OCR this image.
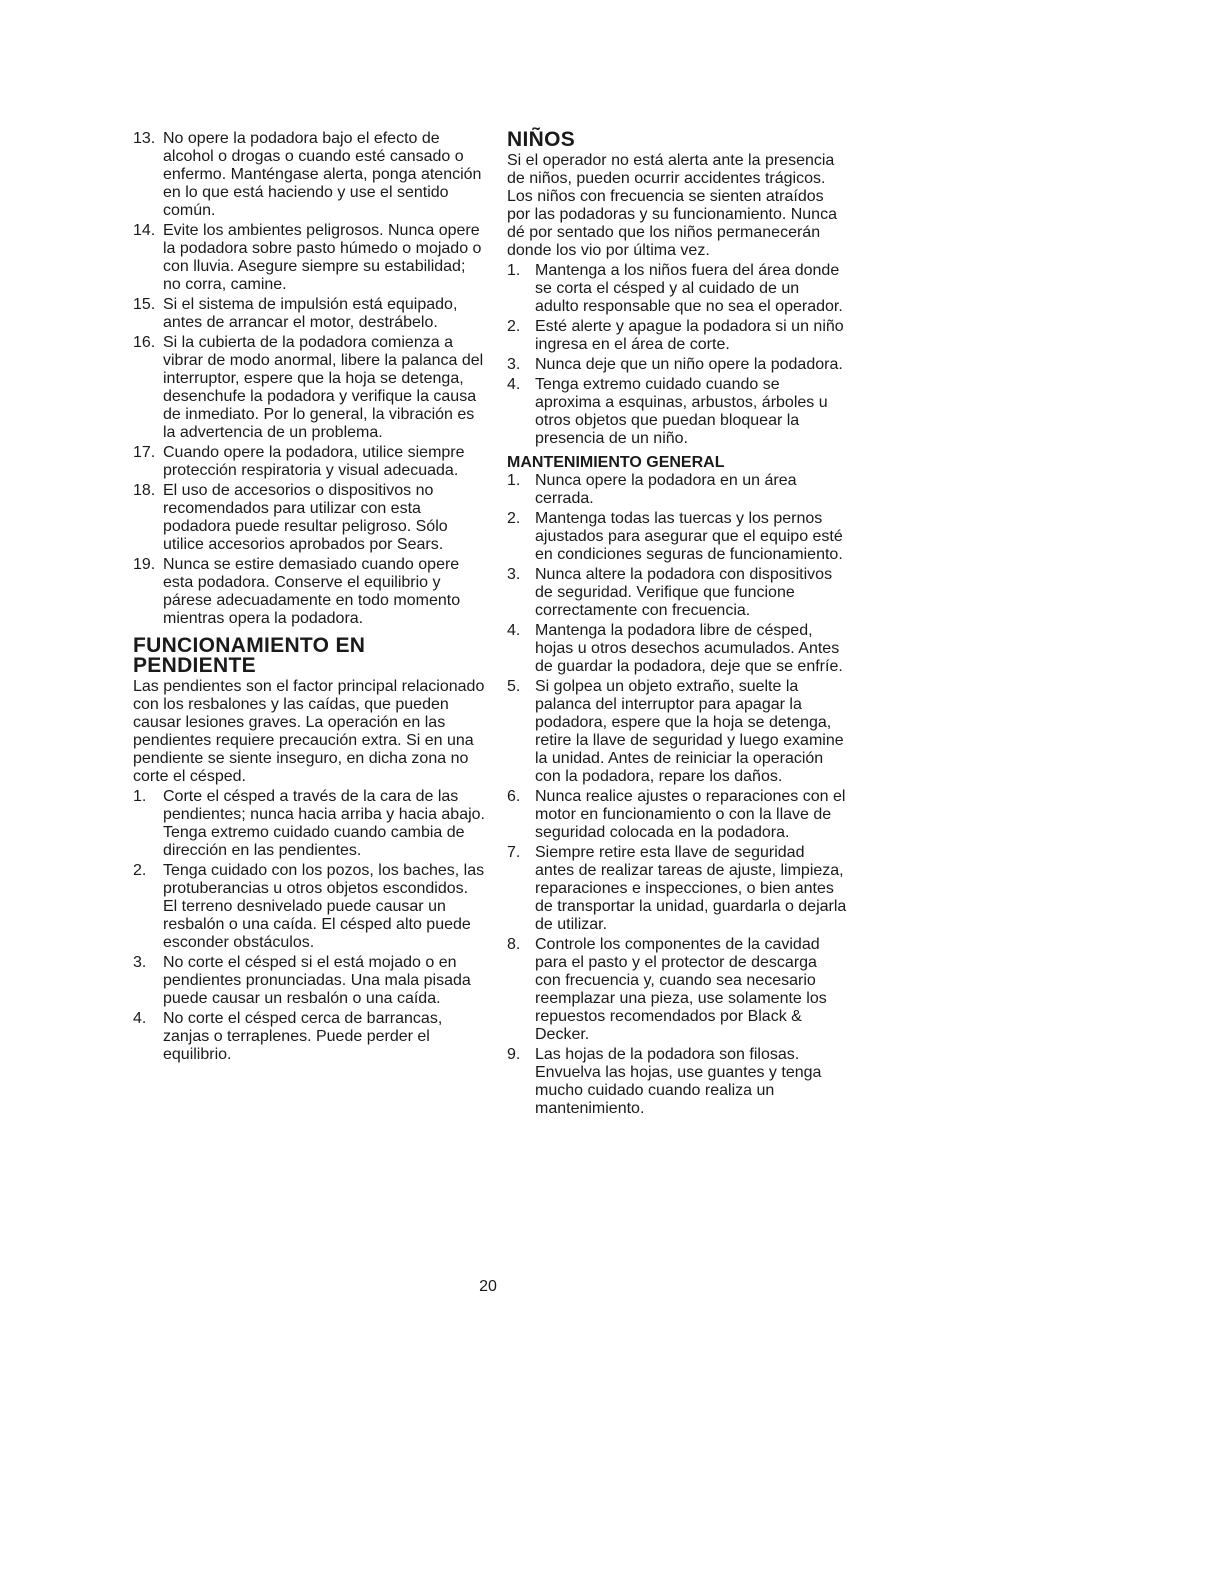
13. No opere la podadora bajo el efecto de alcohol o drogas o cuando esté cansado o enfermo. Manténgase alerta, ponga atención en lo que está haciendo y use el sentido común.
14. Evite los ambientes peligrosos. Nunca opere la podadora sobre pasto húmedo o mojado o con lluvia. Asegure siempre su estabilidad; no corra, camine.
15. Si el sistema de impulsión está equipado, antes de arrancar el motor, destrábelo.
16. Si la cubierta de la podadora comienza a vibrar de modo anormal, libere la palanca del interruptor, espere que la hoja se detenga, desenchufe la podadora y verifique la causa de inmediato. Por lo general, la vibración es la advertencia de un problema.
17. Cuando opere la podadora, utilice siempre protección respiratoria y visual adecuada.
18. El uso de accesorios o dispositivos no recomendados para utilizar con esta podadora puede resultar peligroso. Sólo utilice accesorios aprobados por Sears.
19. Nunca se estire demasiado cuando opere esta podadora. Conserve el equilibrio y párese adecuadamente en todo momento mientras opera la podadora.
FUNCIONAMIENTO EN PENDIENTE

Las pendientes son el factor principal relacionado con los resbalones y las caídas, que pueden causar lesiones graves. La operación en las pendientes requiere precaución extra. Si en una pendiente se siente inseguro, en dicha zona no corte el césped.

1.	Corte el césped a través de la cara de las pendientes; nunca hacia arriba y hacia abajo. Tenga extremo cuidado cuando cambia de dirección en las pendientes.
2.	Tenga cuidado con los pozos, los baches, las protuberancias u otros objetos escondidos. El terreno desnivelado puede causar un resbalón o una caída. El césped alto puede esconder obstáculos.
3.	No corte el césped si el está mojado o en pendientes pronunciadas. Una mala pisada puede causar un resbalón o una caída.
4.	No corte el césped cerca de barrancas, zanjas o terraplenes. Puede perder el equilibrio.
NIÑOS

Si el operador no está alerta ante la presencia de niños, pueden ocurrir accidentes trágicos. Los niños con frecuencia se sienten atraídos por las podadoras y su funcionamiento. Nunca dé por sentado que los niños permanecerán donde los vio por última vez.

1. Mantenga a los niños fuera del área donde se corta el césped y al cuidado de un adulto responsable que no sea el operador.
2. Esté alerte y apague la podadora si un niño ingresa en el área de corte.
3. Nunca deje que un niño opere la podadora.
4. Tenga extremo cuidado cuando se aproxima a esquinas, arbustos, árboles u otros objetos que puedan bloquear la presencia de un niño.
MANTENIMIENTO GENERAL
1. Nunca opere la podadora en un área cerrada.
2. Mantenga todas las tuercas y los pernos ajustados para asegurar que el equipo esté en condiciones seguras de funcionamiento.
3. Nunca altere la podadora con dispositivos de seguridad. Verifique que funcione correctamente con frecuencia.
4. Mantenga la podadora libre de césped, hojas u otros desechos acumulados. Antes de guardar la podadora, deje que se enfríe.
5. Si golpea un objeto extraño, suelte la palanca del interruptor para apagar la podadora, espere que la hoja se detenga, retire la llave de seguridad y luego examine la unidad. Antes de reiniciar la operación con la podadora, repare los daños.
6. Nunca realice ajustes o reparaciones con el motor en funcionamiento o con la llave de seguridad colocada en la podadora.
7. Siempre retire esta llave de seguridad antes de realizar tareas de ajuste, limpieza, reparaciones e inspecciones, o bien antes de transportar la unidad, guardarla o dejarla de utilizar.
8. Controle los componentes de la cavidad para el pasto y el protector de descarga con frecuencia y, cuando sea necesario reemplazar una pieza, use solamente los repuestos recomendados por Black & Decker.
9. Las hojas de la podadora son filosas. Envuelva las hojas, use guantes y tenga mucho cuidado cuando realiza un mantenimiento.
20
